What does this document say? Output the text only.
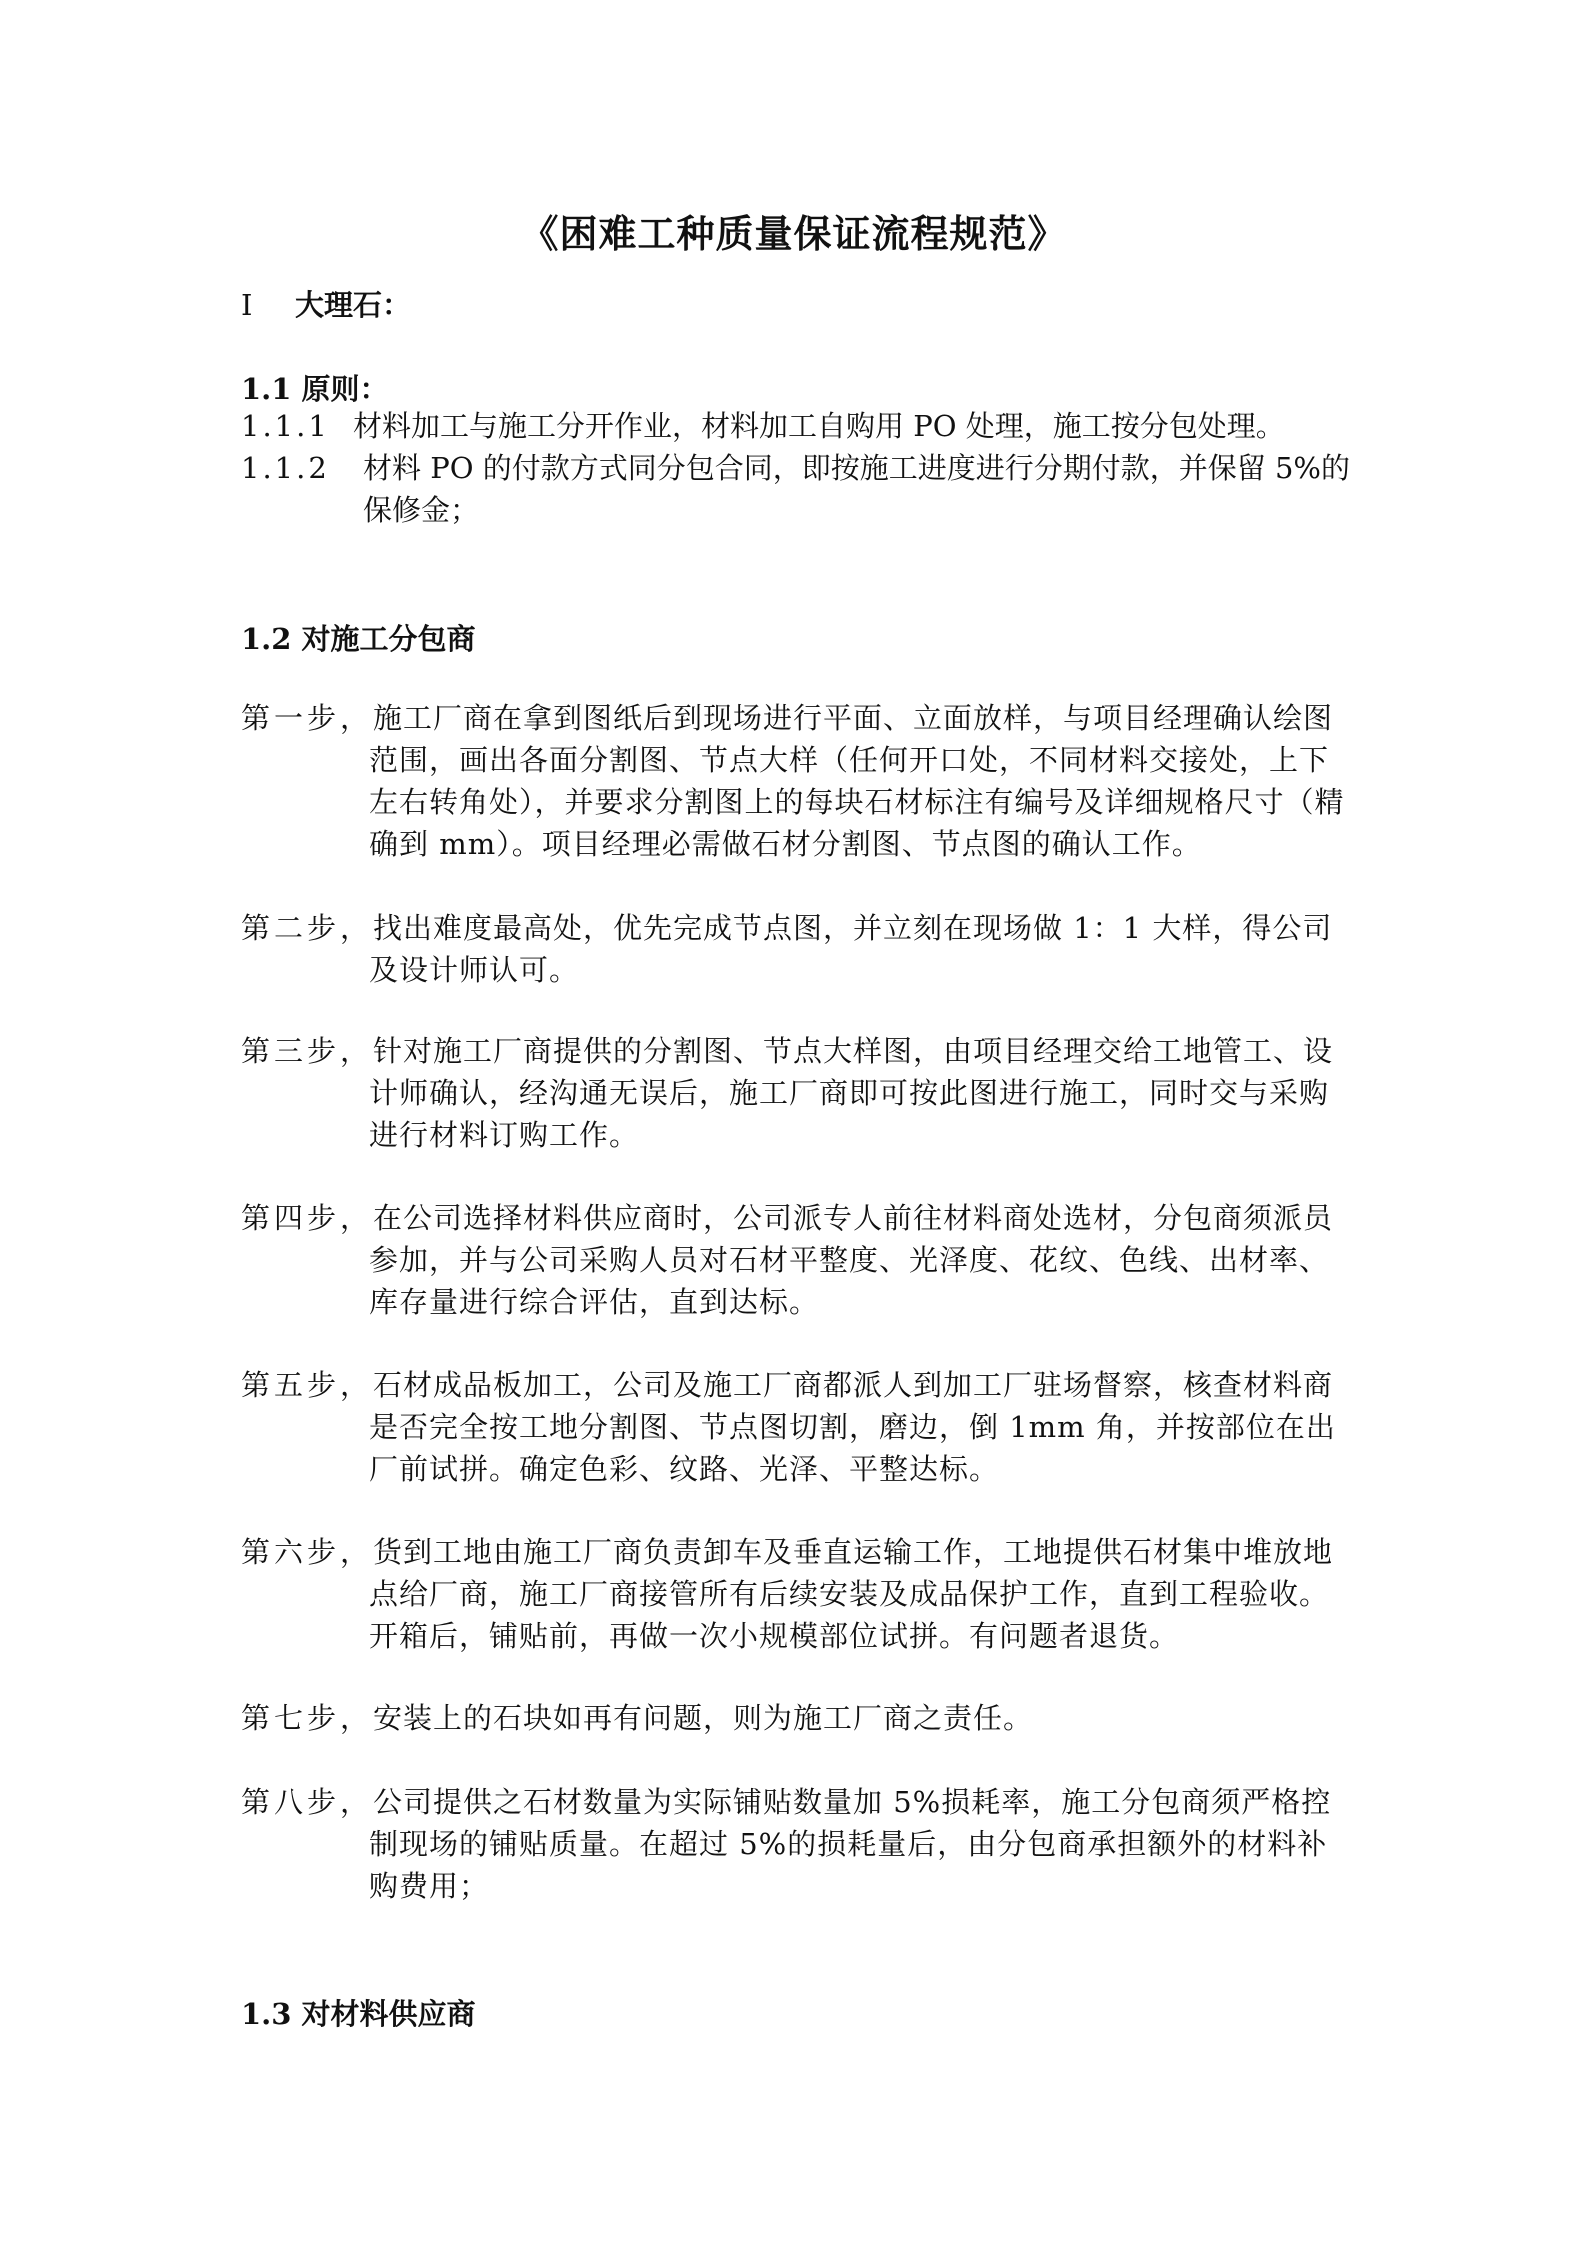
《困难工种质量保证流程规范》
I 大理石：
1.1 原则：
1.1.1 材料加工与施工分开作业，材料加工自购用 PO 处理，施工按分包处理。
1.1.2 材料 PO 的付款方式同分包合同，即按施工进度进行分期付款，并保留 5%的保修金；
1.2 对施工分包商
第一步，施工厂商在拿到图纸后到现场进行平面、立面放样，与项目经理确认绘图范围，画出各面分割图、节点大样（任何开口处，不同材料交接处，上下左右转角处），并要求分割图上的每块石材标注有编号及详细规格尺寸（精确到 mm）。项目经理必需做石材分割图、节点图的确认工作。
第二步，找出难度最高处，优先完成节点图，并立刻在现场做 1：1 大样，得公司及设计师认可。
第三步，针对施工厂商提供的分割图、节点大样图，由项目经理交给工地管工、设计师确认，经沟通无误后，施工厂商即可按此图进行施工，同时交与采购进行材料订购工作。
第四步，在公司选择材料供应商时，公司派专人前往材料商处选材，分包商须派员参加，并与公司采购人员对石材平整度、光泽度、花纹、色线、出材率、库存量进行综合评估，直到达标。
第五步，石材成品板加工，公司及施工厂商都派人到加工厂驻场督察，核查材料商是否完全按工地分割图、节点图切割，磨边，倒 1mm 角，并按部位在出厂前试拼。确定色彩、纹路、光泽、平整达标。
第六步，货到工地由施工厂商负责卸车及垂直运输工作，工地提供石材集中堆放地点给厂商，施工厂商接管所有后续安装及成品保护工作，直到工程验收。开箱后，铺贴前，再做一次小规模部位试拼。有问题者退货。
第七步，安装上的石块如再有问题，则为施工厂商之责任。
第八步，公司提供之石材数量为实际铺贴数量加 5%损耗率，施工分包商须严格控制现场的铺贴质量。在超过 5%的损耗量后，由分包商承担额外的材料补购费用；
1.3 对材料供应商
